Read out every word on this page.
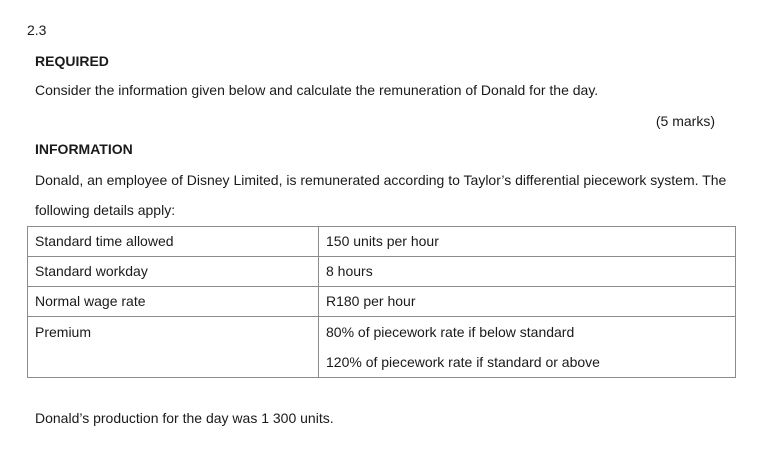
2.3
REQUIRED
Consider the information given below and calculate the remuneration of Donald for the day.
(5 marks)
INFORMATION
Donald, an employee of Disney Limited, is remunerated according to Taylor’s differential piecework system. The
following details apply:
Standard time allowed	150 units per hour
Standard workday	8 hours
Normal wage rate	R180 per hour
Premium	80% of piecework rate if below standard
120% of piecework rate if standard or above
Donald’s production for the day was 1 300 units.
